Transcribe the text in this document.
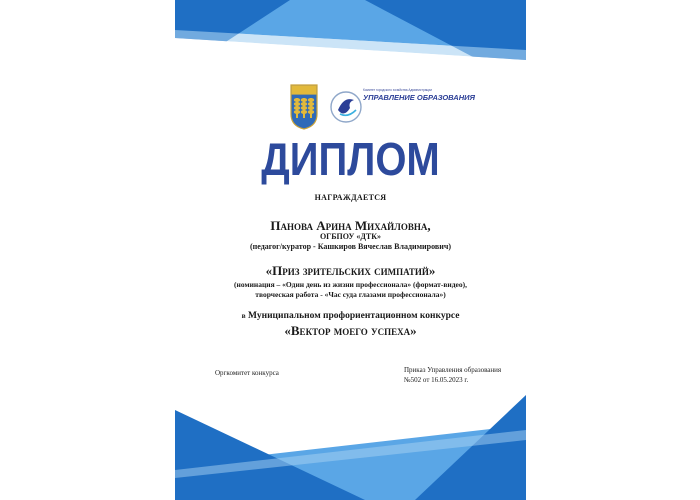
Комитет городского хозяйства Администрации
УПРАВЛЕНИЕ ОБРАЗОВАНИЯ
ДИПЛОМ
НАГРАЖДАЕТСЯ
Панова Арина Михайловна,
ОГБПОУ «ДТК»
(педагог/куратор - Кашкиров Вячеслав Владимирович)
«Приз зрительских симпатий»
(номинация – «Один день из жизни профессионала» (формат-видео),
творческая работа - «Час суда глазами профессионала»)
в Муниципальном профориентационном конкурсе
«Вектор моего успеха»
Оргкомитет конкурса	Приказ Управления образования
№502 от 16.05.2023 г.
